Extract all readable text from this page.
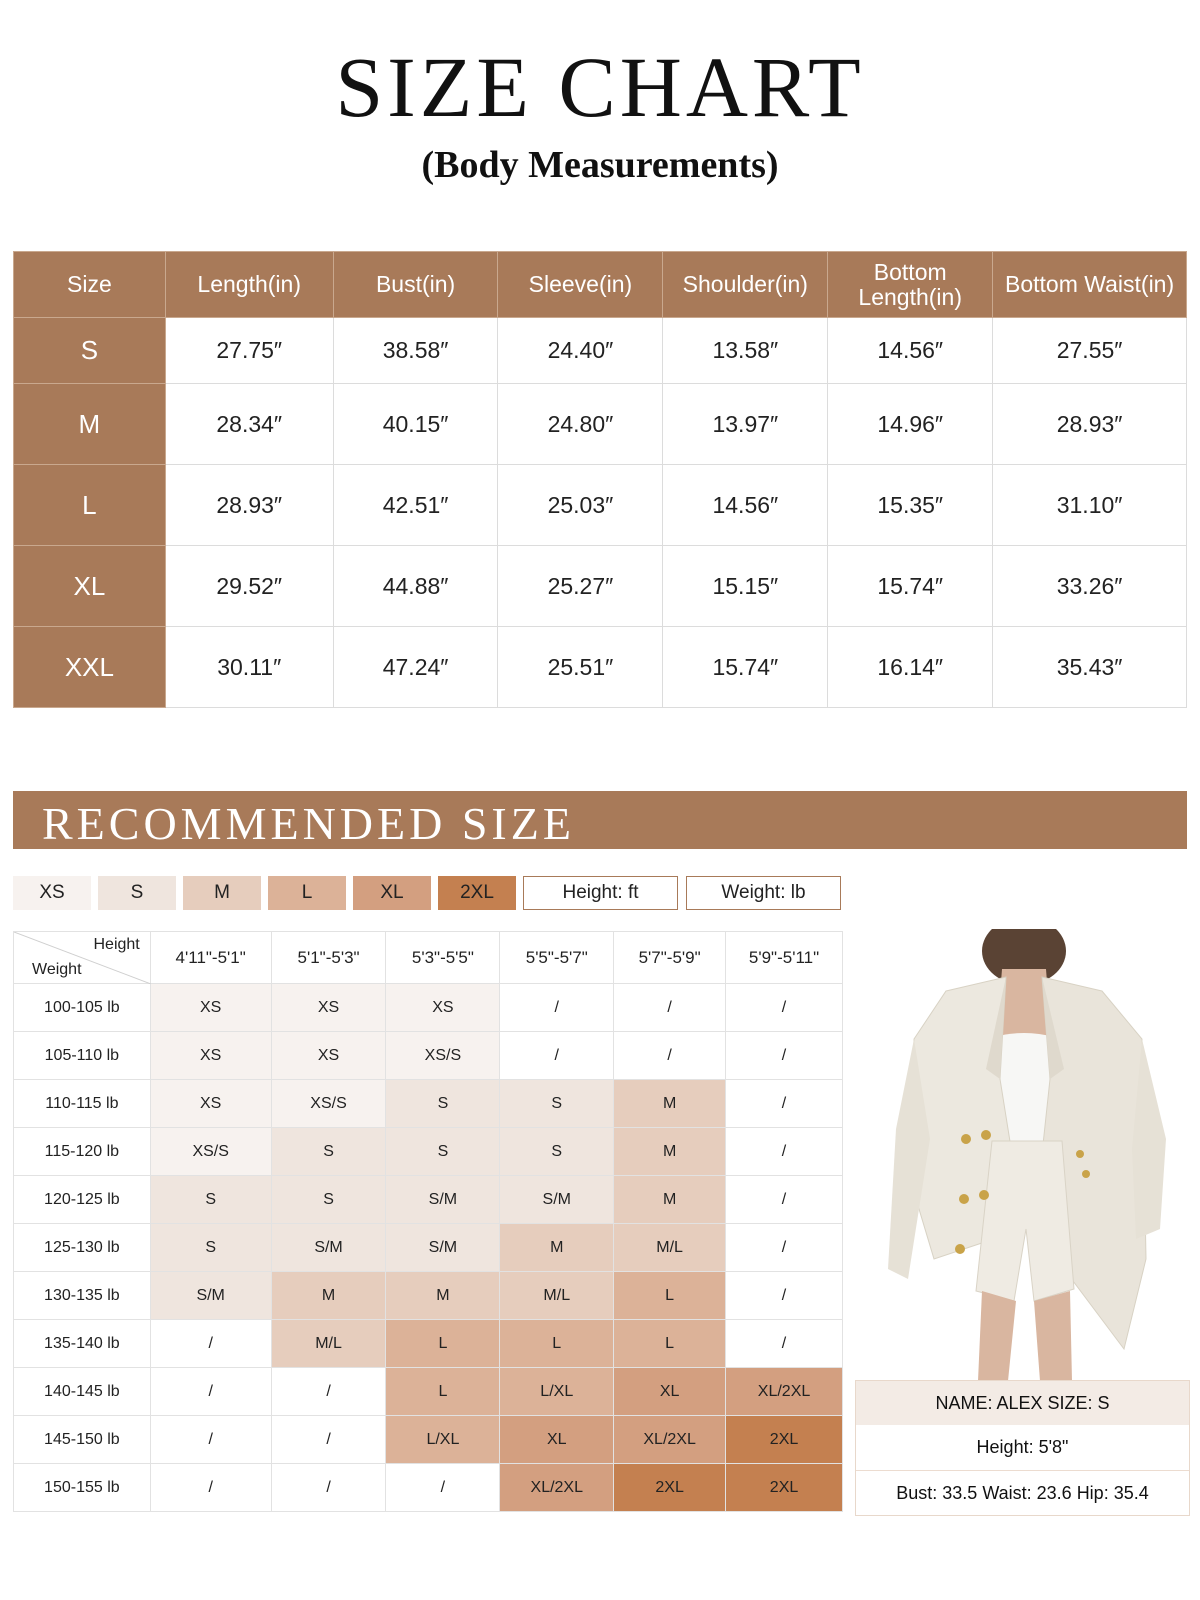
SIZE CHART
(Body Measurements)
Size	Length(in)	Bust(in)	Sleeve(in)	Shoulder(in)	Bottom Length(in)	Bottom Waist(in)
S	27.75″	38.58″	24.40″	13.58″	14.56″	27.55″
M	28.34″	40.15″	24.80″	13.97″	14.96″	28.93″
L	28.93″	42.51″	25.03″	14.56″	15.35″	31.10″
XL	29.52″	44.88″	25.27″	15.15″	15.74″	33.26″
XXL	30.11″	47.24″	25.51″	15.74″	16.14″	35.43″
RECOMMENDED SIZE
XS	S	M	L	XL	2XL	Height: ft	Weight: lb
Height
Weight	4'11"-5'1"	5'1"-5'3"	5'3"-5'5"	5'5"-5'7"	5'7"-5'9"	5'9"-5'11"
100-105 lb	XS	XS	XS	/	/	/
105-110 lb	XS	XS	XS/S	/	/	/
110-115 lb	XS	XS/S	S	S	M	/
115-120 lb	XS/S	S	S	S	M	/
120-125 lb	S	S	S/M	S/M	M	/
125-130 lb	S	S/M	S/M	M	M/L	/
130-135 lb	S/M	M	M	M/L	L	/
135-140 lb	/	M/L	L	L	L	/
140-145 lb	/	/	L	L/XL	XL	XL/2XL
145-150 lb	/	/	L/XL	XL	XL/2XL	2XL
150-155 lb	/	/	/	XL/2XL	2XL	2XL
NAME: ALEX SIZE: S
Height: 5'8"
Bust: 33.5 Waist: 23.6 Hip: 35.4
